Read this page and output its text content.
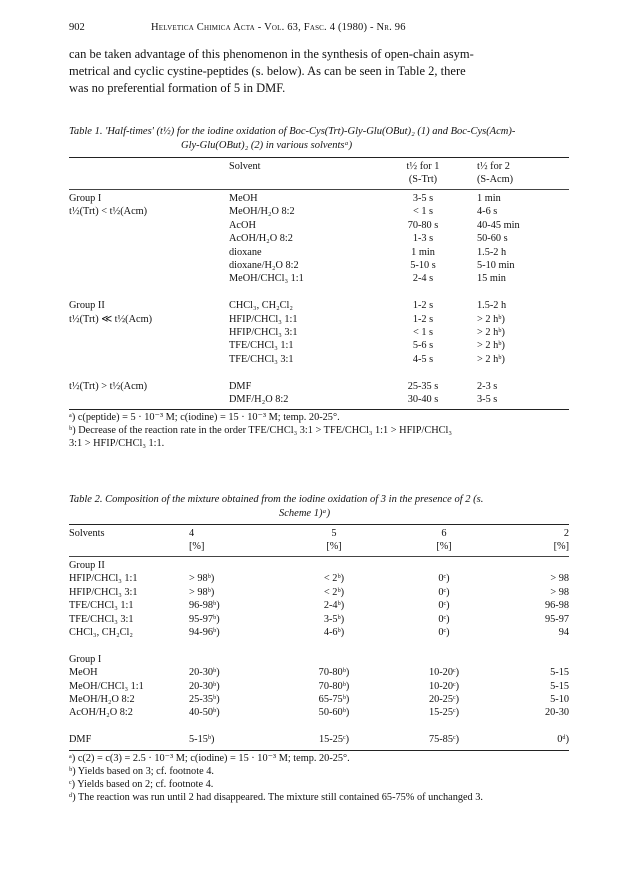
902	Helvetica Chimica Acta - Vol. 63, Fasc. 4 (1980) - Nr. 96
can be taken advantage of this phenomenon in the synthesis of open-chain asym-
metrical and cyclic cystine-peptides (s. below). As can be seen in Table 2, there
was no preferential formation of 5 in DMF.
Table 1. 'Half-times' (t½) for the iodine oxidation of Boc-Cys(Trt)-Gly-Glu(OBut)₂ (1) and Boc-Cys(Acm)-
Gly-Glu(OBut)₂ (2) in various solventsᵃ)
	Solvent	t½ for 1	t½ for 2
		(S-Trt)	(S-Acm)
Group I	MeOH	3-5 s	1 min
t½(Trt) < t½(Acm)	MeOH/H₂O 8:2	< 1 s	4-6 s
	AcOH	70-80 s	40-45 min
	AcOH/H₂O 8:2	1-3 s	50-60 s
	dioxane	1 min	1.5-2 h
	dioxane/H₂O 8:2	5-10 s	5-10 min
	MeOH/CHCl₃ 1:1	2-4 s	15 min

Group II	CHCl₃, CH₂Cl₂	1-2 s	1.5-2 h
t½(Trt) ≪ t½(Acm)	HFIP/CHCl₃ 1:1	1-2 s	> 2 hᵇ)
	HFIP/CHCl₃ 3:1	< 1 s	> 2 hᵇ)
	TFE/CHCl₃ 1:1	5-6 s	> 2 hᵇ)
	TFE/CHCl₃ 3:1	4-5 s	> 2 hᵇ)

t½(Trt) > t½(Acm)	DMF	25-35 s	2-3 s
	DMF/H₂O 8:2	30-40 s	3-5 s
ᵃ) c(peptide) = 5 · 10⁻³ M; c(iodine) = 15 · 10⁻³ M; temp. 20-25°.
ᵇ) Decrease of the reaction rate in the order TFE/CHCl₃ 3:1 > TFE/CHCl₃ 1:1 > HFIP/CHCl₃
3:1 > HFIP/CHCl₃ 1:1.
Table 2. Composition of the mixture obtained from the iodine oxidation of 3 in the presence of 2 (s.
Scheme 1)ᵃ)
Solvents	4	5	6	2
	[%]	[%]	[%]	[%]
Group II				
HFIP/CHCl₃ 1:1	> 98ᵇ)	< 2ᵇ)	0ᶜ)	> 98
HFIP/CHCl₃ 3:1	> 98ᵇ)	< 2ᵇ)	0ᶜ)	> 98
TFE/CHCl₃ 1:1	96-98ᵇ)	2-4ᵇ)	0ᶜ)	96-98
TFE/CHCl₃ 3:1	95-97ᵇ)	3-5ᵇ)	0ᶜ)	95-97
CHCl₃, CH₂Cl₂	94-96ᵇ)	4-6ᵇ)	0ᶜ)	94

Group I				
MeOH	20-30ᵇ)	70-80ᵇ)	10-20ᶜ)	5-15
MeOH/CHCl₃ 1:1	20-30ᵇ)	70-80ᵇ)	10-20ᶜ)	5-15
MeOH/H₂O 8:2	25-35ᵇ)	65-75ᵇ)	20-25ᶜ)	5-10
AcOH/H₂O 8:2	40-50ᵇ)	50-60ᵇ)	15-25ᶜ)	20-30

DMF	5-15ᵇ)	15-25ᶜ)	75-85ᶜ)	0ᵈ)
ᵃ) c(2) = c(3) = 2.5 · 10⁻³ M; c(iodine) = 15 · 10⁻³ M; temp. 20-25°.
ᵇ) Yields based on 3; cf. footnote 4.
ᶜ) Yields based on 2; cf. footnote 4.
ᵈ) The reaction was run until 2 had disappeared. The mixture still contained 65-75% of unchanged 3.
